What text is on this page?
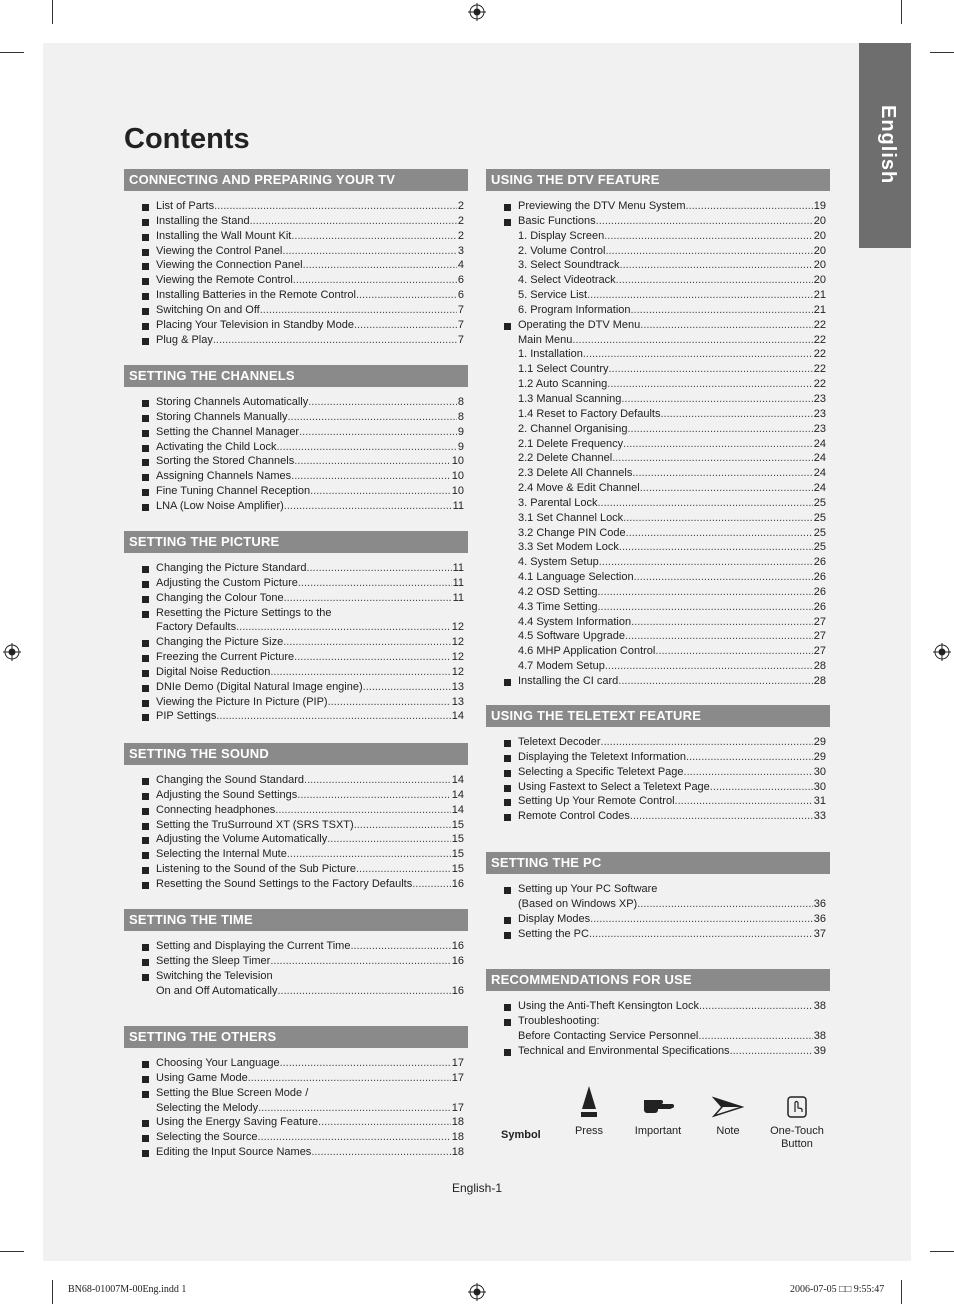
English
Contents
CONNECTING AND PREPARING YOUR TV
List of Parts .....	2
Installing the Stand .....	2
Installing the Wall Mount Kit .....	2
Viewing the Control Panel .....	3
Viewing the Connection Panel .....	4
Viewing the Remote Control .....	6
Installing Batteries in the Remote Control .....	6
Switching On and Off .....	7
Placing Your Television in Standby Mode .....	7
Plug & Play .....	7
SETTING THE CHANNELS
Storing Channels Automatically .....	8
Storing Channels Manually .....	8
Setting the Channel Manager .....	9
Activating the Child Lock .....	9
Sorting the Stored Channels .....	10
Assigning Channels Names .....	10
Fine Tuning Channel Reception .....	10
LNA (Low Noise Amplifier) .....	11
SETTING THE PICTURE
Changing the Picture Standard .....	11
Adjusting the Custom Picture .....	11
Changing the Colour Tone .....	11
Resetting the Picture Settings to the
Factory Defaults .....	12
Changing the Picture Size .....	12
Freezing the Current Picture .....	12
Digital Noise Reduction .....	12
DNIe Demo (Digital Natural Image engine) .....	13
Viewing the Picture In Picture (PIP) .....	13
PIP Settings .....	14
SETTING THE SOUND
Changing the Sound Standard .....	14
Adjusting the Sound Settings .....	14
Connecting headphones .....	14
Setting the TruSurround XT (SRS TSXT) .....	15
Adjusting the Volume Automatically .....	15
Selecting the Internal Mute .....	15
Listening to the Sound of the Sub Picture .....	15
Resetting the Sound Settings to the Factory Defaults .....	16
SETTING THE TIME
Setting and Displaying the Current Time .....	16
Setting the Sleep Timer .....	16
Switching the Television
On and Off Automatically .....	16
SETTING THE OTHERS
Choosing Your Language .....	17
Using Game Mode .....	17
Setting the Blue Screen Mode /
Selecting the Melody .....	17
Using the Energy Saving Feature .....	18
Selecting the Source .....	18
Editing the Input Source Names .....	18
USING THE DTV FEATURE
Previewing the DTV Menu System .....	19
Basic Functions .....	20
1. Display Screen .....	20
2. Volume Control .....	20
3. Select Soundtrack .....	20
4. Select Videotrack .....	20
5. Service List .....	21
6. Program Information .....	21
Operating the DTV Menu .....	22
Main Menu .....	22
1. Installation .....	22
1.1 Select Country .....	22
1.2 Auto Scanning .....	22
1.3 Manual Scanning .....	23
1.4 Reset to Factory Defaults .....	23
2. Channel Organising .....	23
2.1 Delete Frequency .....	24
2.2 Delete Channel .....	24
2.3 Delete All Channels .....	24
2.4 Move & Edit Channel .....	24
3. Parental Lock .....	25
3.1 Set Channel Lock .....	25
3.2 Change PIN Code .....	25
3.3 Set Modem Lock .....	25
4. System Setup .....	26
4.1 Language Selection .....	26
4.2 OSD Setting .....	26
4.3 Time Setting .....	26
4.4 System Information .....	27
4.5 Software Upgrade .....	27
4.6 MHP Application Control .....	27
4.7 Modem Setup .....	28
Installing the CI card .....	28
USING THE TELETEXT FEATURE
Teletext Decoder .....	29
Displaying the Teletext Information .....	29
Selecting a Specific Teletext Page .....	30
Using Fastext to Select a Teletext Page .....	30
Setting Up Your Remote Control .....	31
Remote Control Codes .....	33
SETTING THE PC
Setting up Your PC Software
(Based on Windows XP) .....	36
Display Modes .....	36
Setting the PC .....	37
RECOMMENDATIONS FOR USE
Using the Anti-Theft Kensington Lock .....	38
Troubleshooting:
Before Contacting Service Personnel .....	38
Technical and Environmental Specifications .....	39
Symbol	Press	Important	Note	One-Touch
Button
English-1
BN68-01007M-00Eng.indd 1	2006-07-05 □□ 9:55:47
